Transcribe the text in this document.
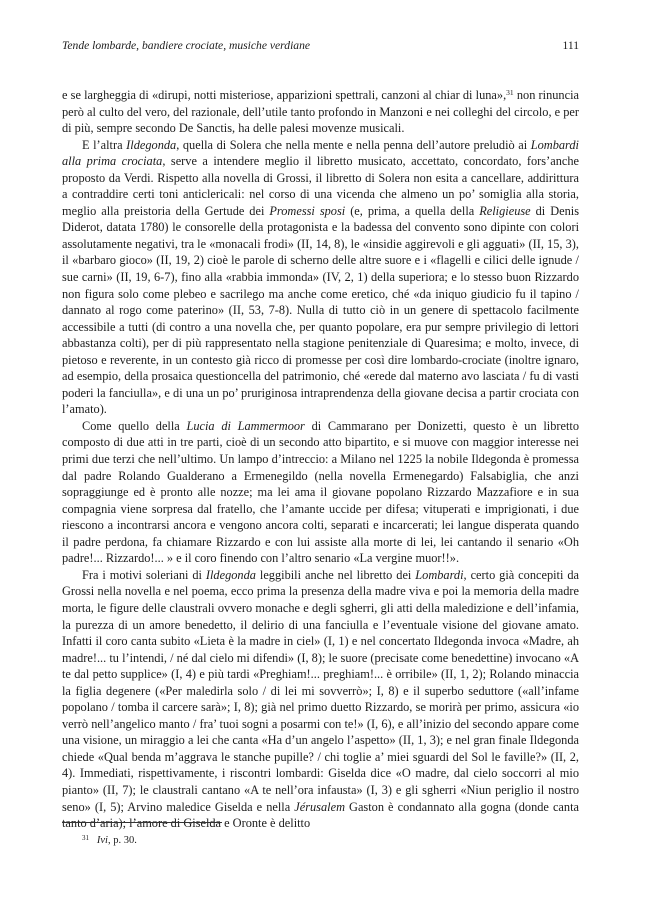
Tende lombarde, bandiere crociate, musiche verdiane	111

e se largheggia di «dirupi, notti misteriose, apparizioni spettrali, canzoni al chiar di luna»,$^{31}$ non rinuncia però al culto del vero, del razionale, dell’utile tanto profondo in Manzoni e nei colleghi del circolo, e per di più, sempre secondo De Sanctis, ha delle palesi movenze musicali.

E l’altra Ildegonda, quella di Solera che nella mente e nella penna dell’autore preludiò ai Lombardi alla prima crociata, serve a intendere meglio il libretto musicato, accettato, concordato, fors’anche proposto da Verdi. Rispetto alla novella di Grossi, il libretto di Solera non esita a cancellare, addirittura a contraddire certi toni anticlericali: nel corso di una vicenda che almeno un po’ somiglia alla storia, meglio alla preistoria della Gertude dei Promessi sposi (e, prima, a quella della Religieuse di Denis Diderot, datata 1780) le consorelle della protagonista e la badessa del convento sono dipinte con colori assolutamente negativi, tra le «monacali frodi» (II, 14, 8), le «insidie aggirevoli e gli agguati» (II, 15, 3), il «barbaro gioco» (II, 19, 2) cioè le parole di scherno delle altre suore e i «flagelli e cilici delle ignude / sue carni» (II, 19, 6-7), fino alla «rabbia immonda» (IV, 2, 1) della superiora; e lo stesso buon Rizzardo non figura solo come plebeo e sacrilego ma anche come eretico, ché «da iniquo giudicio fu il tapino / dannato al rogo come paterino» (II, 53, 7-8). Nulla di tutto ciò in un genere di spettacolo facilmente accessibile a tutti (di contro a una novella che, per quanto popolare, era pur sempre privilegio di lettori abbastanza colti), per di più rappresentato nella stagione penitenziale di Quaresima; e molto, invece, di pietoso e reverente, in un contesto già ricco di promesse per così dire lombardo-crociate (inoltre ignaro, ad esempio, della prosaica questioncella del patrimonio, ché «erede dal materno avo lasciata / fu di vasti poderi la fanciulla», e di una un po’ pruriginosa intraprendenza della giovane decisa a partir crociata con l’amato).

Come quello della Lucia di Lammermoor di Cammarano per Donizetti, questo è un libretto composto di due atti in tre parti, cioè di un secondo atto bipartito, e si muove con maggior interesse nei primi due terzi che nell’ultimo. Un lampo d’intreccio: a Milano nel 1225 la nobile Ildegonda è promessa dal padre Rolando Gualderano a Ermenegildo (nella novella Ermenegardo) Falsabiglia, che anzi sopraggiunge ed è pronto alle nozze; ma lei ama il giovane popolano Rizzardo Mazzafiore e in sua compagnia viene sorpresa dal fratello, che l’amante uccide per difesa; vituperati e imprigionati, i due riescono a incontrarsi ancora e vengono ancora colti, separati e incarcerati; lei langue disperata quando il padre perdona, fa chiamare Rizzardo e con lui assiste alla morte di lei, lei cantando il senario «Oh padre!... Rizzardo!... » e il coro finendo con l’altro senario «La vergine muor!!».

Fra i motivi soleriani di Ildegonda leggibili anche nel libretto dei Lombardi, certo già concepiti da Grossi nella novella e nel poema, ecco prima la presenza della madre viva e poi la memoria della madre morta, le figure delle claustrali ovvero monache e degli sgherri, gli atti della maledizione e dell’infamia, la purezza di un amore benedetto, il delirio di una fanciulla e l’eventuale visione del giovane amato. Infatti il coro canta subito «Lieta è la madre in ciel» (I, 1) e nel concertato Ildegonda invoca «Madre, ah madre!... tu l’intendi, / né dal cielo mi difendi» (I, 8); le suore (precisate come benedettine) invocano «A te dal petto supplice» (I, 4) e più tardi «Preghiam!... preghiam!... è orribile» (II, 1, 2); Rolando minaccia la figlia degenere («Per maledirla solo / di lei mi sovverrò»; I, 8) e il superbo seduttore («all’infame popolano / tomba il carcere sarà»; I, 8); già nel primo duetto Rizzardo, se morirà per primo, assicura «io verrò nell’angelico manto / fra’ tuoi sogni a posarmi con te!» (I, 6), e all’inizio del secondo appare come una visione, un miraggio a lei che canta «Ha d’un angelo l’aspetto» (II, 1, 3); e nel gran finale Ildegonda chiede «Qual benda m’aggrava le stanche pupille? / chi toglie a’ miei sguardi del Sol le faville?» (II, 2, 4). Immediati, rispettivamente, i riscontri lombardi: Giselda dice «O madre, dal cielo soccorri al mio pianto» (II, 7); le claustrali cantano «A te nell’ora infausta» (I, 3) e gli sgherri «Niun periglio il nostro seno» (I, 5); Arvino maledice Giselda e nella Jérusalem Gaston è condannato alla gogna (donde canta tanto d’aria); l’amore di Giselda e Oronte è delitto

$^{31}$ Ivi, p. 30.
